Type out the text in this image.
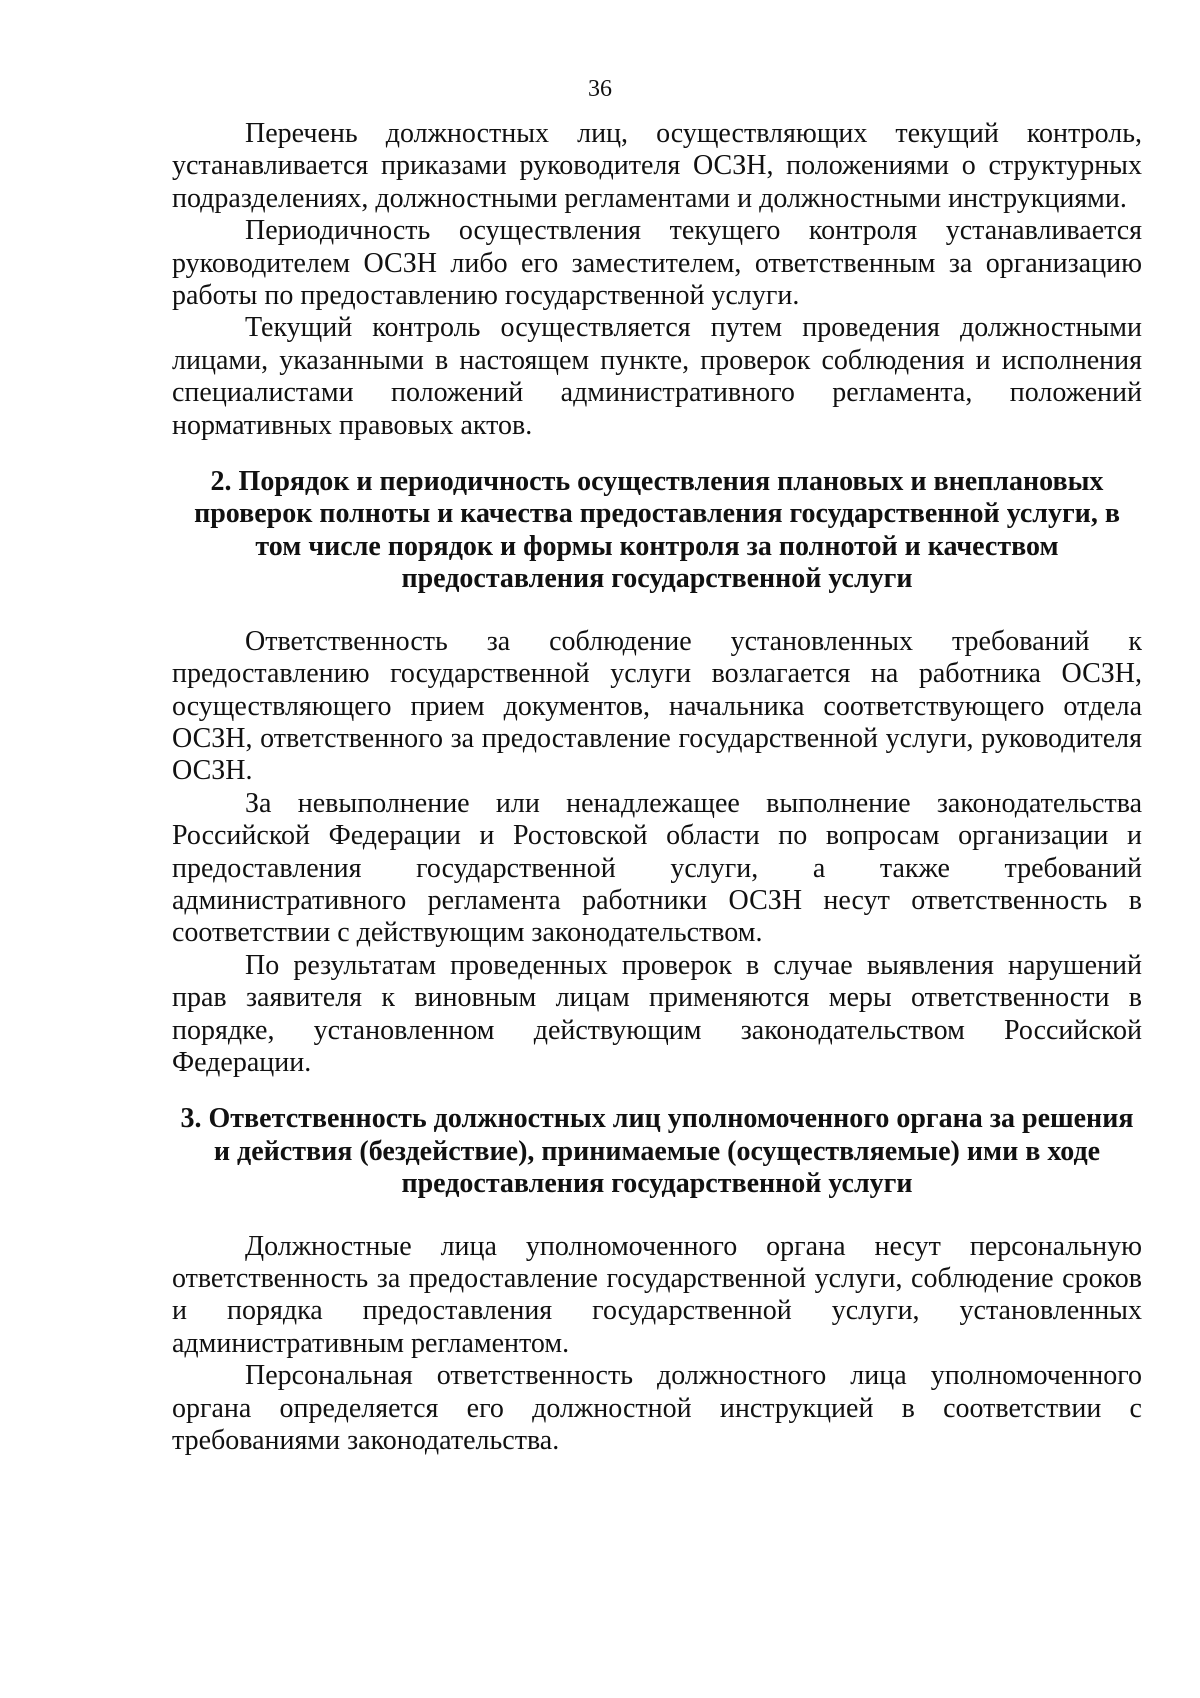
36

Перечень должностных лиц, осуществляющих текущий контроль, устанавливается приказами руководителя ОСЗН, положениями о структурных подразделениях, должностными регламентами и должностными инструкциями.

Периодичность осуществления текущего контроля устанавливается руководителем ОСЗН либо его заместителем, ответственным за организацию работы по предоставлению государственной услуги.

Текущий контроль осуществляется путем проведения должностными лицами, указанными в настоящем пункте, проверок соблюдения и исполнения специалистами положений административного регламента, положений нормативных правовых актов.

2. Порядок и периодичность осуществления плановых и внеплановых проверок полноты и качества предоставления государственной услуги, в том числе порядок и формы контроля за полнотой и качеством предоставления государственной услуги

Ответственность за соблюдение установленных требований к предоставлению государственной услуги возлагается на работника ОСЗН, осуществляющего прием документов, начальника соответствующего отдела ОСЗН, ответственного за предоставление государственной услуги, руководителя ОСЗН.

За невыполнение или ненадлежащее выполнение законодательства Российской Федерации и Ростовской области по вопросам организации и предоставления государственной услуги, а также требований административного регламента работники ОСЗН несут ответственность в соответствии с действующим законодательством.

По результатам проведенных проверок в случае выявления нарушений прав заявителя к виновным лицам применяются меры ответственности в порядке, установленном действующим законодательством Российской Федерации.

3. Ответственность должностных лиц уполномоченного органа за решения и действия (бездействие), принимаемые (осуществляемые) ими в ходе предоставления государственной услуги

Должностные лица уполномоченного органа несут персональную ответственность за предоставление государственной услуги, соблюдение сроков и порядка предоставления государственной услуги, установленных административным регламентом.

Персональная ответственность должностного лица уполномоченного органа определяется его должностной инструкцией в соответствии с требованиями законодательства.
